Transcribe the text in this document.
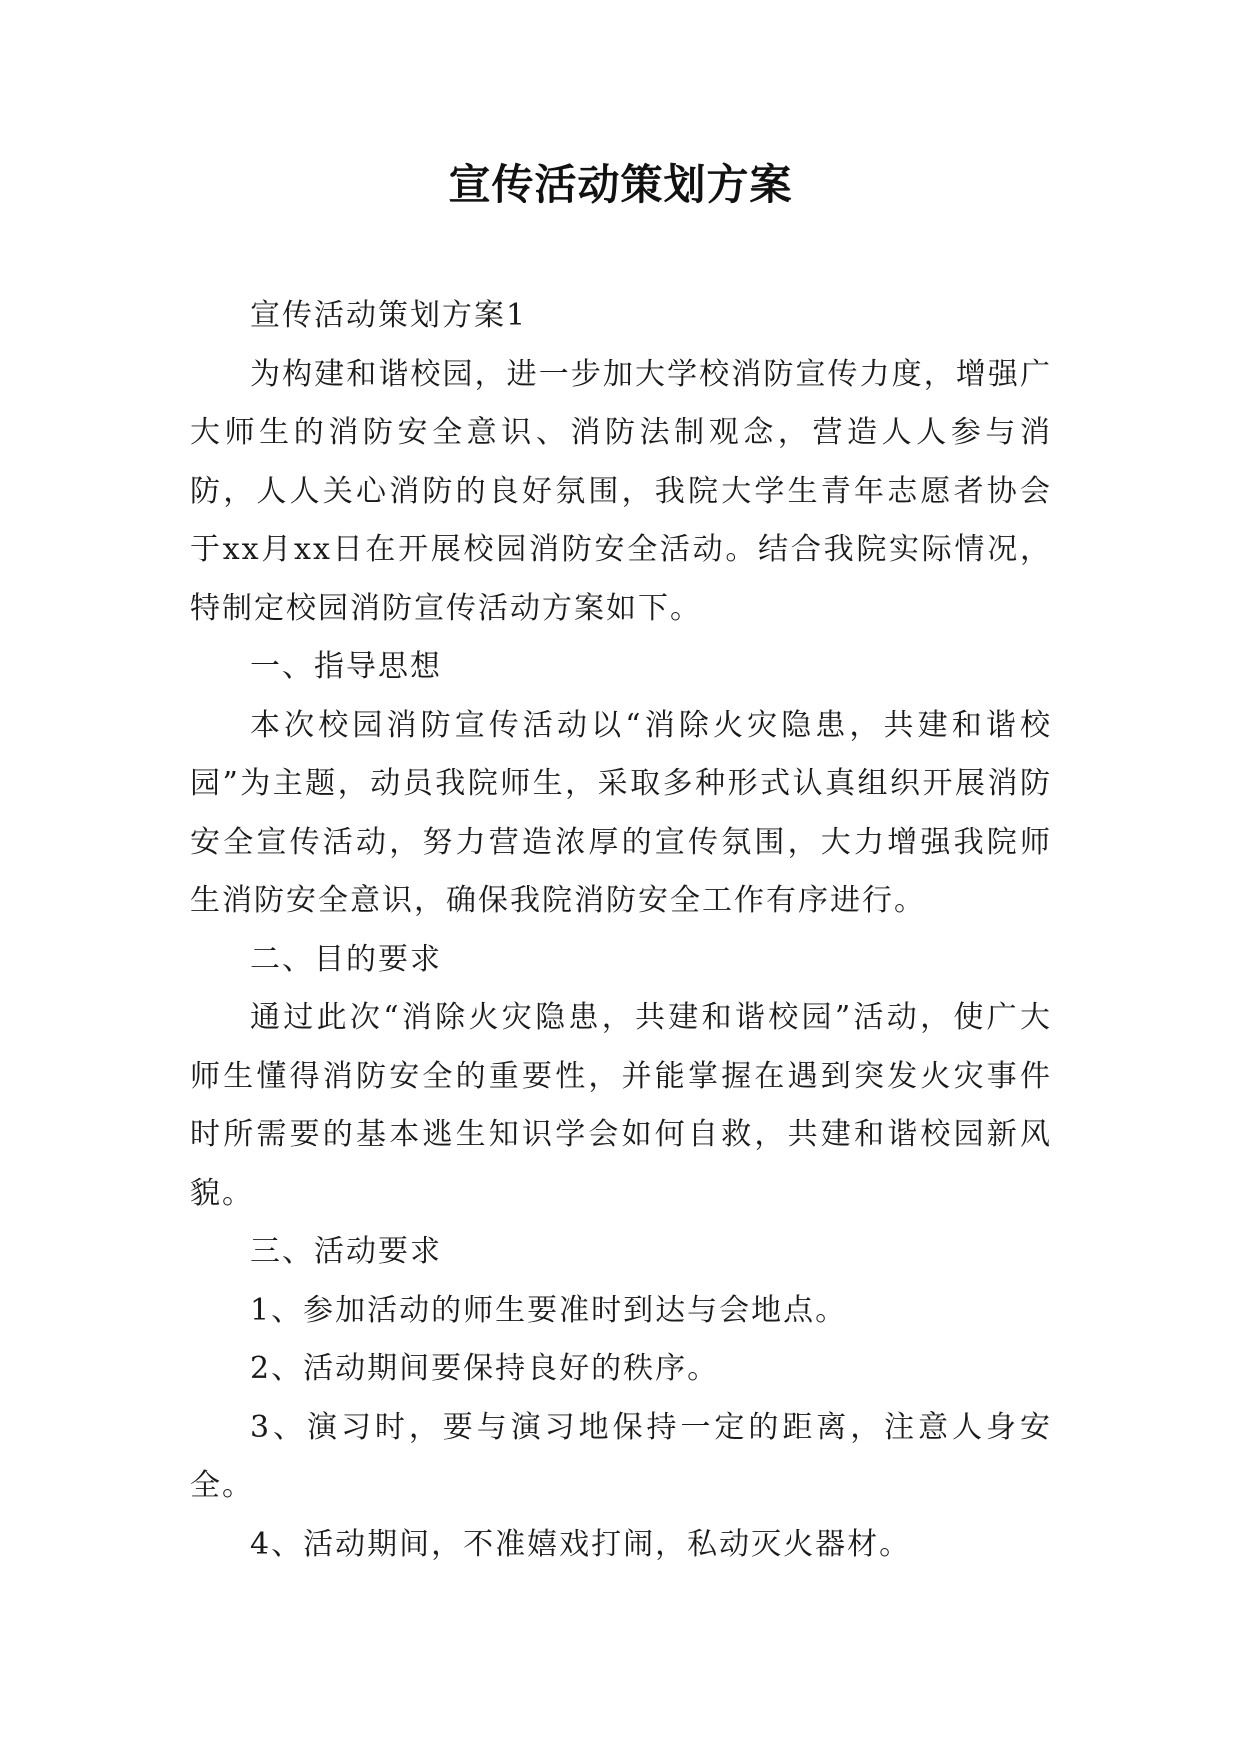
宣传活动策划方案

宣传活动策划方案1

为构建和谐校园，进一步加大学校消防宣传力度，增强广大师生的消防安全意识、消防法制观念，营造人人参与消防，人人关心消防的良好氛围，我院大学生青年志愿者协会于xx月xx日在开展校园消防安全活动。结合我院实际情况，特制定校园消防宣传活动方案如下。

一、指导思想

本次校园消防宣传活动以“消除火灾隐患，共建和谐校园”为主题，动员我院师生，采取多种形式认真组织开展消防安全宣传活动，努力营造浓厚的宣传氛围，大力增强我院师生消防安全意识，确保我院消防安全工作有序进行。

二、目的要求

通过此次“消除火灾隐患，共建和谐校园”活动，使广大师生懂得消防安全的重要性，并能掌握在遇到突发火灾事件时所需要的基本逃生知识学会如何自救，共建和谐校园新风貌。

三、活动要求

1、参加活动的师生要准时到达与会地点。

2、活动期间要保持良好的秩序。

3、演习时，要与演习地保持一定的距离，注意人身安全。

4、活动期间，不准嬉戏打闹，私动灭火器材。
